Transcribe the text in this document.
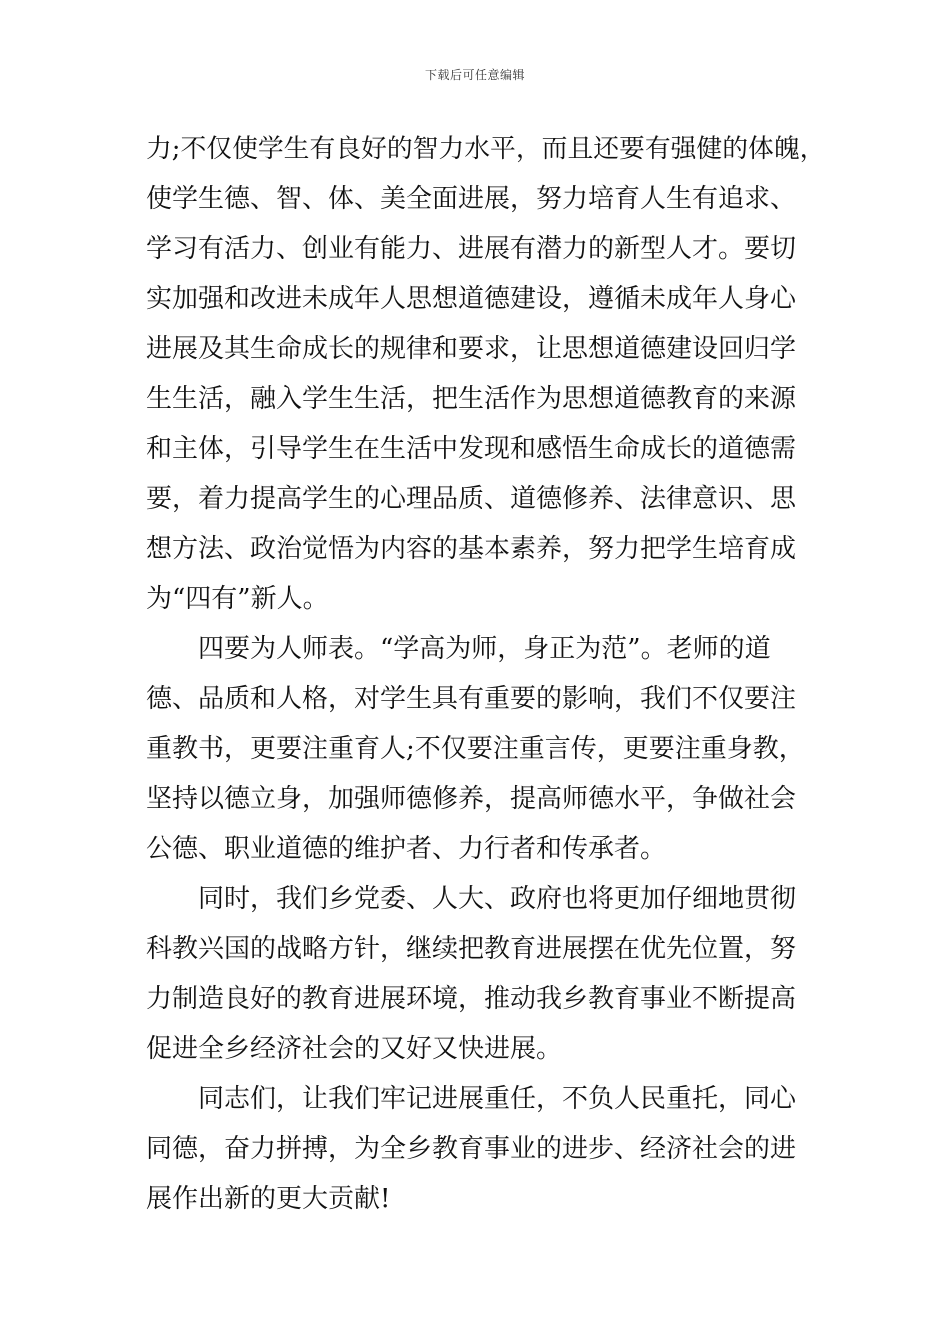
下载后可任意编辑
力;不仅使学生有良好的智力水平，而且还要有强健的体魄，
使学生德、智、体、美全面进展，努力培育人生有追求、
学习有活力、创业有能力、进展有潜力的新型人才。要切
实加强和改进未成年人思想道德建设，遵循未成年人身心
进展及其生命成长的规律和要求，让思想道德建设回归学
生生活，融入学生生活，把生活作为思想道德教育的来源
和主体，引导学生在生活中发现和感悟生命成长的道德需
要，着力提高学生的心理品质、道德修养、法律意识、思
想方法、政治觉悟为内容的基本素养，努力把学生培育成
为“四有”新人。
四要为人师表。“学高为师，身正为范”。老师的道
德、品质和人格，对学生具有重要的影响，我们不仅要注
重教书，更要注重育人;不仅要注重言传，更要注重身教，
坚持以德立身，加强师德修养，提高师德水平，争做社会
公德、职业道德的维护者、力行者和传承者。
同时，我们乡党委、人大、政府也将更加仔细地贯彻
科教兴国的战略方针，继续把教育进展摆在优先位置，努
力制造良好的教育进展环境，推动我乡教育事业不断提高
促进全乡经济社会的又好又快进展。
同志们，让我们牢记进展重任，不负人民重托，同心
同德，奋力拼搏，为全乡教育事业的进步、经济社会的进
展作出新的更大贡献!
